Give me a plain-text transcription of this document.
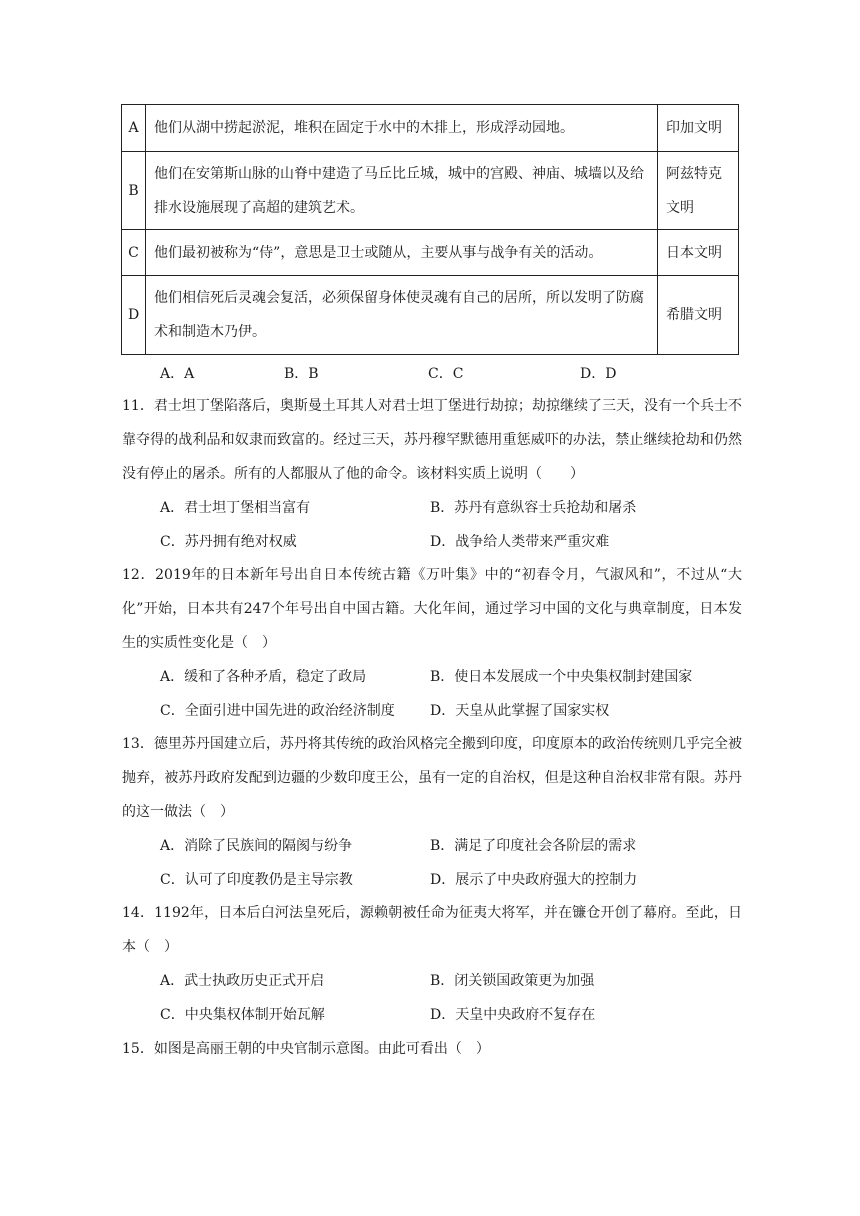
A	他们从湖中捞起淤泥，堆积在固定于水中的木排上，形成浮动园地。	印加文明
B	他们在安第斯山脉的山脊中建造了马丘比丘城，城中的宫殿、神庙、城墙以及给排水设施展现了高超的建筑艺术。	阿兹特克文明
C	他们最初被称为“侍”，意思是卫士或随从，主要从事与战争有关的活动。	日本文明
D	他们相信死后灵魂会复活，必须保留身体使灵魂有自己的居所，所以发明了防腐术和制造木乃伊。	希腊文明
A．A	B．B	C．C	D．D
11．君士坦丁堡陷落后，奥斯曼土耳其人对君士坦丁堡进行劫掠；劫掠继续了三天，没有一个兵士不靠夺得的战利品和奴隶而致富的。经过三天，苏丹穆罕默德用重惩威吓的办法，禁止继续抢劫和仍然没有停止的屠杀。所有的人都服从了他的命令。该材料实质上说明（　　）
A．君士坦丁堡相当富有	B．苏丹有意纵容士兵抢劫和屠杀
C．苏丹拥有绝对权威	D．战争给人类带来严重灾难
12．2019年的日本新年号出自日本传统古籍《万叶集》中的“初春令月，气淑风和”，不过从“大化”开始，日本共有247个年号出自中国古籍。大化年间，通过学习中国的文化与典章制度，日本发生的实质性变化是（　）
A．缓和了各种矛盾，稳定了政局	B．使日本发展成一个中央集权制封建国家
C．全面引进中国先进的政治经济制度	D．天皇从此掌握了国家实权
13．德里苏丹国建立后，苏丹将其传统的政治风格完全搬到印度，印度原本的政治传统则几乎完全被抛弃，被苏丹政府发配到边疆的少数印度王公，虽有一定的自治权，但是这种自治权非常有限。苏丹的这一做法（　）
A．消除了民族间的隔阂与纷争	B．满足了印度社会各阶层的需求
C．认可了印度教仍是主导宗教	D．展示了中央政府强大的控制力
14．1192年，日本后白河法皇死后，源赖朝被任命为征夷大将军，并在镰仓开创了幕府。至此，日本（　）
A．武士执政历史正式开启	B．闭关锁国政策更为加强
C．中央集权体制开始瓦解	D．天皇中央政府不复存在
15．如图是高丽王朝的中央官制示意图。由此可看出（　）
